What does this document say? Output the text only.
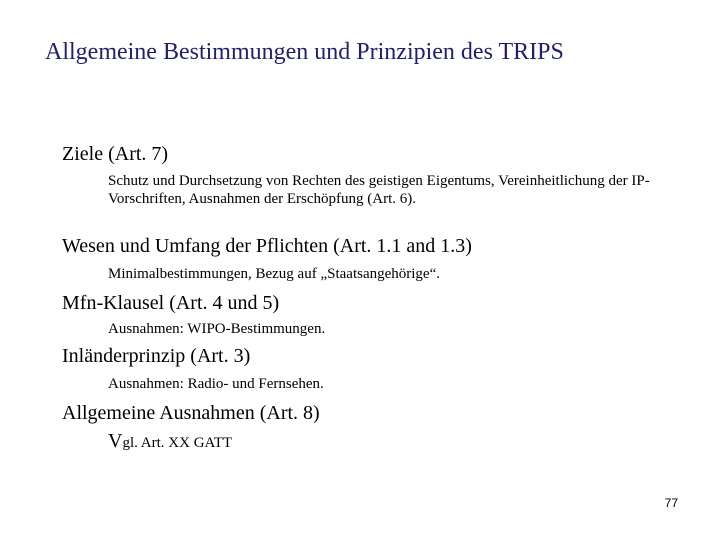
Allgemeine Bestimmungen und Prinzipien des TRIPS
Ziele (Art. 7)
Schutz und Durchsetzung von Rechten des geistigen Eigentums, Vereinheitlichung der IP-Vorschriften, Ausnahmen der Erschöpfung (Art. 6).
Wesen und Umfang der Pflichten (Art. 1.1 and 1.3)
Minimalbestimmungen, Bezug auf „Staatsangehörige“.
Mfn-Klausel (Art. 4 und 5)
Ausnahmen: WIPO-Bestimmungen.
Inländerprinzip (Art. 3)
Ausnahmen: Radio- und Fernsehen.
Allgemeine Ausnahmen (Art. 8)
Vgl. Art. XX GATT
77
